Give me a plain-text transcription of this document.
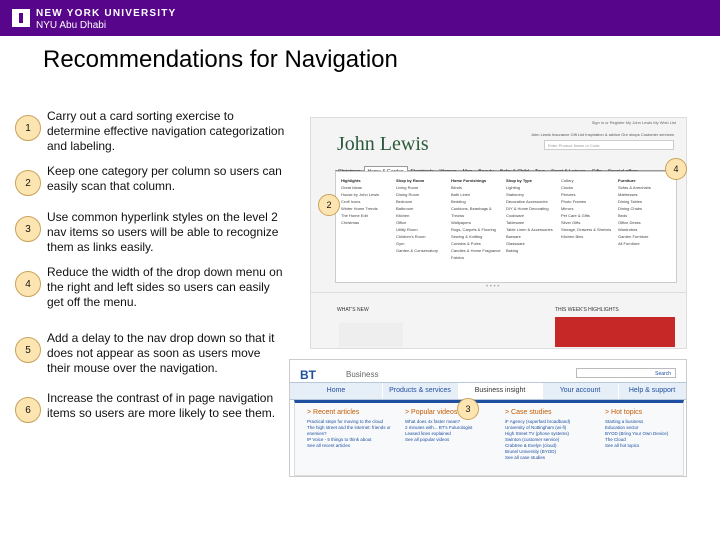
NEW YORK UNIVERSITY
NYU Abu Dhabi
Recommendations for Navigation
1
Carry out a card sorting exercise to determine effective navigation categorization and labeling.
2
Keep one category per column so users can easily scan that column.
3
Use common hyperlink styles on the level 2 nav items so users will be able to recognize them as links easily.
4
Reduce the width of the drop down menu on the right and left sides so users can easily get off the menu.
5
Add a delay to the nav drop down so that it does not appear as soon as users move their mouse over the navigation.
6
Increase the contrast of in page navigation items so users are more likely to see them.
Sign in or Register My John Lewis My Wish List
John Lewis	John Lewis Insurance Gift List Inspiration & advice Our shops Customer services
Enter Product Name or Code
Highlights
Great Ideas
House by John Lewis
Croft Icons
Winter Home Trends
The Home Edit
Christmas
Shop by Room
Living Room
Dining Room
Bedroom
Bathroom
Kitchen
Office
Utility Room
Children's Room
Gym
Garden & Conservatory
Home Furnishings
Blinds
Bath Linen
Bedding
Cushions, Beanbags & Throws
Wallpapers
Rugs, Carpets & Flooring
Sewing & Knitting
Curtains & Poles
Candles & Home Fragrance
Fabrics
Shop by Type
Lighting
Stationery
Decorative Accessories
DIY & Home Decorating
Cookware
Tableware
Table Linen & Accessories
Barware
Glassware
Baking
Cutlery
Clocks
Pictures
Photo Frames
Mirrors
Pet Care & Gifts
Silver Gifts
Storage, Drawers & Shelves
Kitchen Bins
Furniture
Sofas & Armchairs
Mattresses
Dining Tables
Dining Chairs
Beds
Office Desks
Wardrobes
Garden Furniture
All Furniture
• • • •
WHAT'S NEW	THIS WEEK'S HIGHLIGHTS
BT	Business	Search
Home	Products & services	Business insight	Your account	Help & support
> Recent articles
Practical steps for moving to the cloud
The high street and the internet: friends or enemies?
IP Voice - 5 things to think about
See all recent articles
> Popular videos
What does 4x faster mean?
2 minutes with... BT's Futurologist
Leased lines explained
See all popular videos
> Case studies
iF Agency (superfast broadband)
University of Nottingham (wi-fi)
High Street TV (phone systems)
Swinton (customer service)
Crabtree & Evelyn (cloud)
Brunel University (BYOD)
See all case studies
> Hot topics
Starting a business
Education sector
BYOD (Bring Your Own Device)
The Cloud
See all hot topics
2
4
3
